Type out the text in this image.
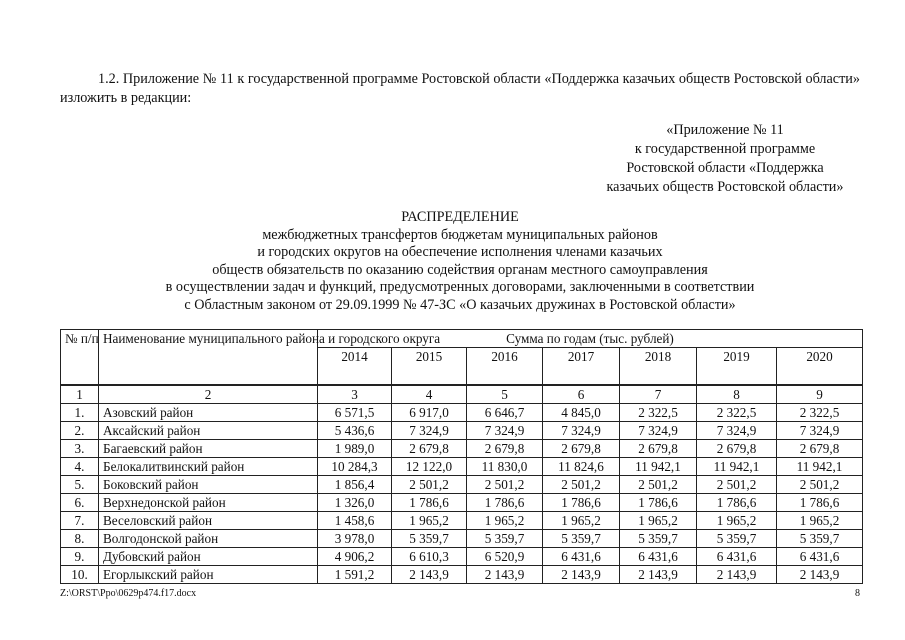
1.2. Приложение № 11 к государственной программе Ростовской области «Поддержка казачьих обществ Ростовской области» изложить в редакции:

«Приложение № 11
к государственной программе
Ростовской области «Поддержка
казачьих обществ Ростовской области»
РАСПРЕДЕЛЕНИЕ
межбюджетных трансфертов бюджетам муниципальных районов
и городских округов на обеспечение исполнения членами казачьих
обществ обязательств по оказанию содействия органам местного самоуправления
в осуществлении задач и функций, предусмотренных договорами, заключенными в соответствии
с Областным законом от 29.09.1999 № 47-ЗС «О казачьих дружинах в Ростовской области»
№ п/п	Наименование муниципального района и городского округа	Сумма по годам (тыс. рублей)						
		2014	2015	2016	2017	2018	2019	2020
1	2	3	4	5	6	7	8	9
1.	Азовский район	6 571,5	6 917,0	6 646,7	4 845,0	2 322,5	2 322,5	2 322,5
2.	Аксайский район	5 436,6	7 324,9	7 324,9	7 324,9	7 324,9	7 324,9	7 324,9
3.	Багаевский район	1 989,0	2 679,8	2 679,8	2 679,8	2 679,8	2 679,8	2 679,8
4.	Белокалитвинский район	10 284,3	12 122,0	11 830,0	11 824,6	11 942,1	11 942,1	11 942,1
5.	Боковский район	1 856,4	2 501,2	2 501,2	2 501,2	2 501,2	2 501,2	2 501,2
6.	Верхнедонской район	1 326,0	1 786,6	1 786,6	1 786,6	1 786,6	1 786,6	1 786,6
7.	Веселовский район	1 458,6	1 965,2	1 965,2	1 965,2	1 965,2	1 965,2	1 965,2
8.	Волгодонской район	3 978,0	5 359,7	5 359,7	5 359,7	5 359,7	5 359,7	5 359,7
9.	Дубовский район	4 906,2	6 610,3	6 520,9	6 431,6	6 431,6	6 431,6	6 431,6
10.	Егорлыкский район	1 591,2	2 143,9	2 143,9	2 143,9	2 143,9	2 143,9	2 143,9
Z:\ORST\Ppo\0629p474.f17.docx	8
